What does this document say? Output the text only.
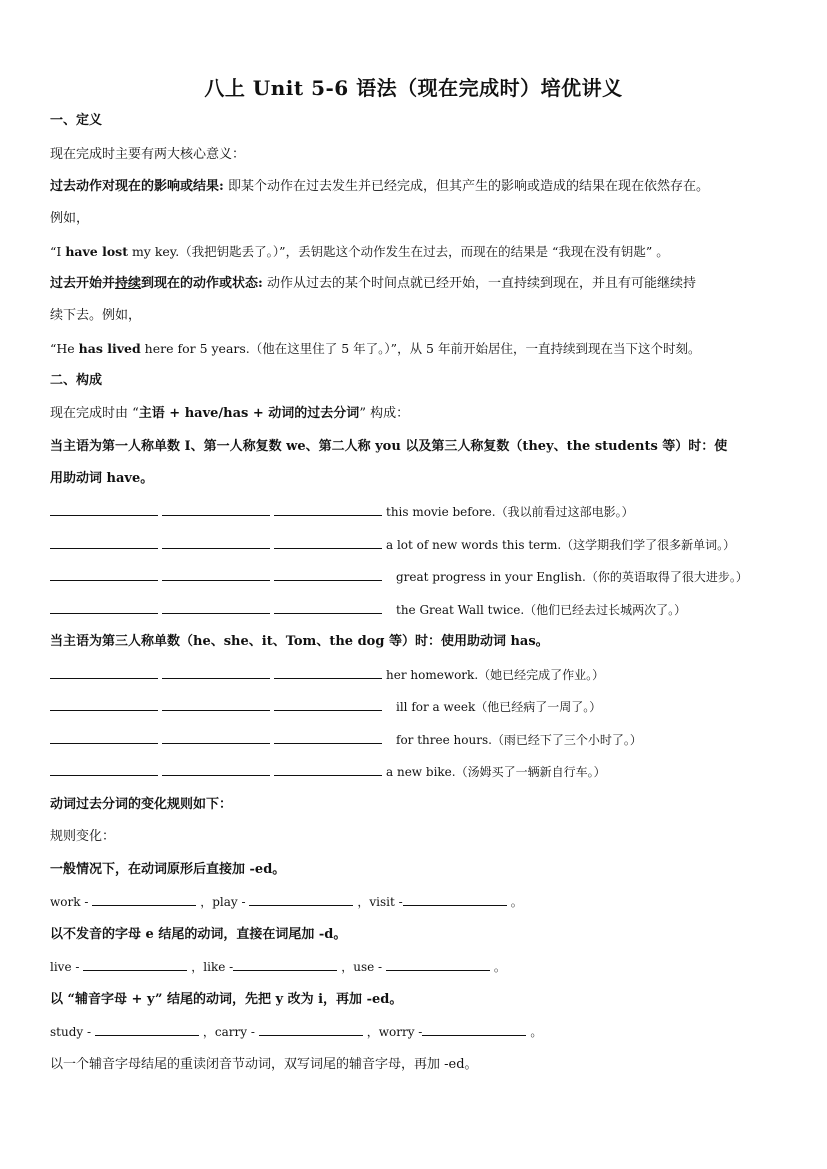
八上 Unit 5-6 语法（现在完成时）培优讲义
一、定义
现在完成时主要有两大核心意义：
过去动作对现在的影响或结果: 即某个动作在过去发生并已经完成，但其产生的影响或造成的结果在现在依然存在。
例如，
“I have lost my key.（我把钥匙丢了。）”，丢钥匙这个动作发生在过去，而现在的结果是 “我现在没有钥匙” 。
过去开始并持续到现在的动作或状态: 动作从过去的某个时间点就已经开始，一直持续到现在，并且有可能继续持
续下去。例如，
“He has lived here for 5 years.（他在这里住了 5 年了。）”，从 5 年前开始居住，一直持续到现在当下这个时刻。
二、构成
现在完成时由 “主语 + have/has + 动词的过去分词” 构成：
当主语为第一人称单数 I、第一人称复数 we、第二人称 you 以及第三人称复数（they、the students 等）时：使
用助动词 have。
this movie before.（我以前看过这部电影。）
a lot of new words this term.（这学期我们学了很多新单词。）
great progress in your English.（你的英语取得了很大进步。）
the Great Wall twice.（他们已经去过长城两次了。）
当主语为第三人称单数（he、she、it、Tom、the dog 等）时：使用助动词 has。
her homework.（她已经完成了作业。）
ill for a week（他已经病了一周了。）
for three hours.（雨已经下了三个小时了。）
a new bike.（汤姆买了一辆新自行车。）
动词过去分词的变化规则如下：
规则变化：
一般情况下，在动词原形后直接加 -ed。
work -	，play -	，visit -	。
以不发音的字母 e 结尾的动词，直接在词尾加 -d。
live -	，like -	，use -	。
以 “辅音字母 + y” 结尾的动词，先把 y 改为 i，再加 -ed。
study -	，carry -	，worry -	。
以一个辅音字母结尾的重读闭音节动词，双写词尾的辅音字母，再加 -ed。
